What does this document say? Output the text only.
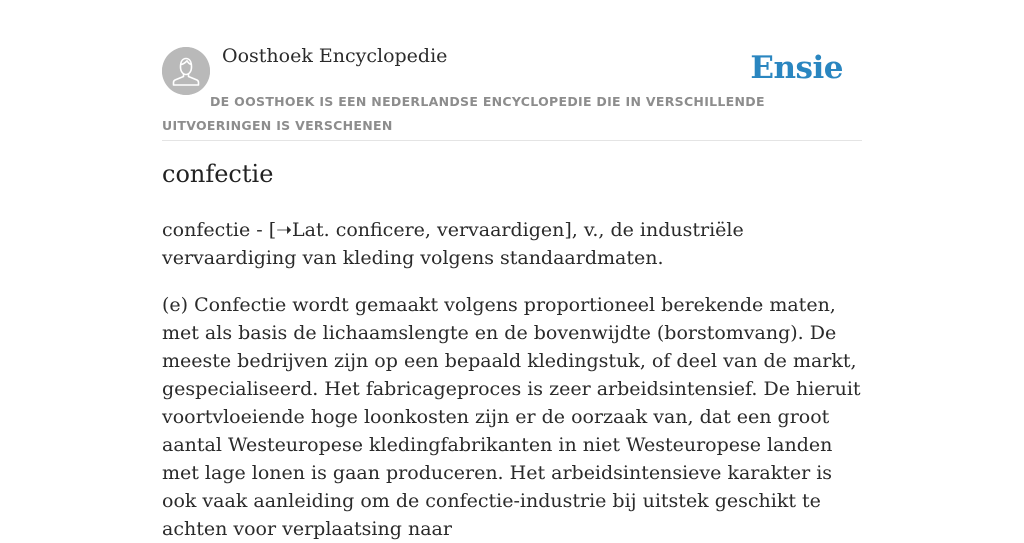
Oosthoek Encyclopedie	Ensie
DE OOSTHOEK IS EEN NEDERLANDSE ENCYCLOPEDIE DIE IN VERSCHILLENDE UITVOERINGEN IS VERSCHENEN
confectie

confectie - [➝Lat. conficere, vervaardigen], v., de industriële vervaardiging van kleding volgens standaardmaten.

(e) Confectie wordt gemaakt volgens proportioneel berekende maten, met als basis de lichaamslengte en de bovenwijdte (borstomvang). De meeste bedrijven zijn op een bepaald kledingstuk, of deel van de markt, gespecialiseerd. Het fabricageproces is zeer arbeidsintensief. De hieruit voortvloeiende hoge loonkosten zijn er de oorzaak van, dat een groot aantal Westeuropese kledingfabrikanten in niet Westeuropese landen met lage lonen is gaan produceren. Het arbeidsintensieve karakter is ook vaak aanleiding om de confectie-industrie bij uitstek geschikt te achten voor verplaatsing naar
